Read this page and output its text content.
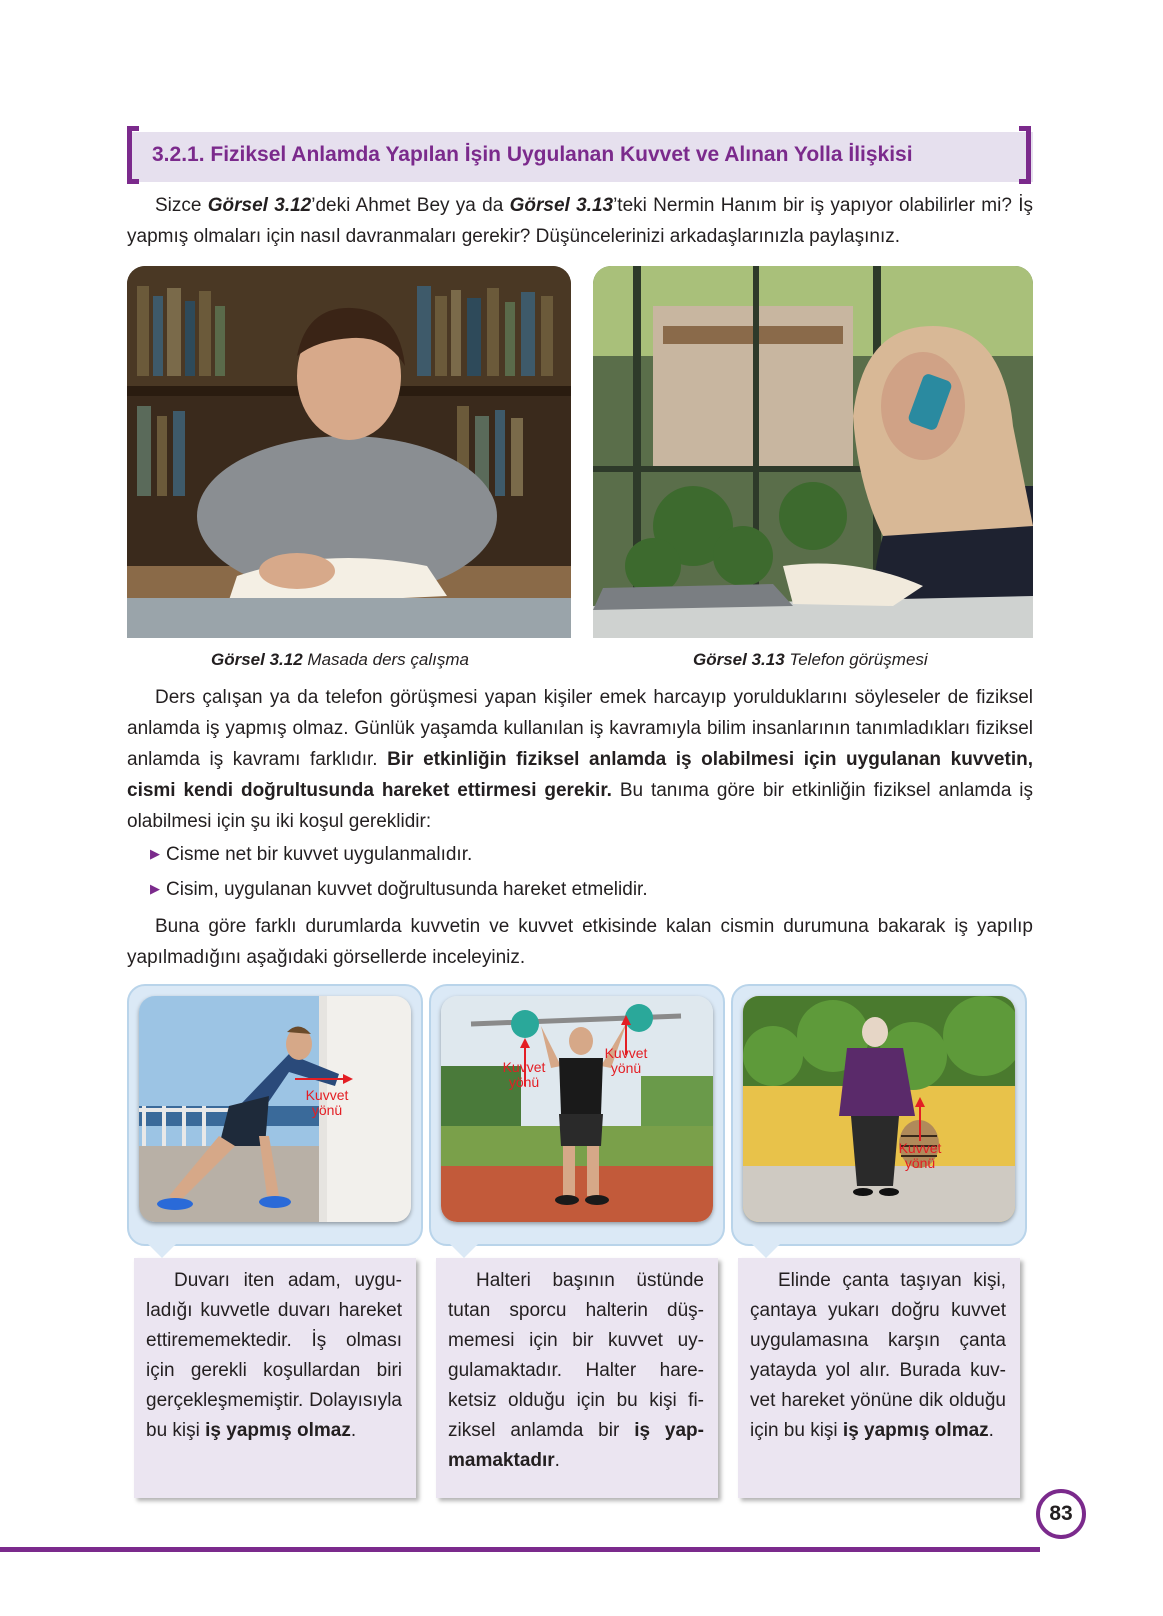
3.2.1. Fiziksel Anlamda Yapılan İşin Uygulanan Kuvvet ve Alınan Yolla İlişkisi

Sizce Görsel 3.12’deki Ahmet Bey ya da Görsel 3.13’teki Nermin Hanım bir iş yapıyor olabilirler mi? İş yapmış olmaları için nasıl davranmaları gerekir? Düşüncelerinizi arkadaşlarınızla paylaşınız.

Görsel 3.12 Masada ders çalışma	Görsel 3.13 Telefon görüşmesi

Ders çalışan ya da telefon görüşmesi yapan kişiler emek harcayıp yorulduklarını söyleseler de fiziksel anlamda iş yapmış olmaz. Günlük yaşamda kullanılan iş kavramıyla bilim insanlarının tanımladıkları fiziksel anlamda iş kavramı farklıdır. Bir etkinliğin fiziksel anlamda iş olabilmesi için uygulanan kuvvetin, cismi kendi doğrultusunda hareket ettirmesi gerekir. Bu tanıma göre bir etkinliğin fiziksel anlamda iş olabilmesi için şu iki koşul gereklidir:

▶ Cisme net bir kuvvet uygulanmalıdır.
▶ Cisim, uygulanan kuvvet doğrultusunda hareket etmelidir.

Buna göre farklı durumlarda kuvvetin ve kuvvet etkisinde kalan cismin durumuna bakarak iş yapılıp yapılmadığını aşağıdaki görsellerde inceleyiniz.

Kuvvet
yönü
Duvarı iten adam, uyguladığı kuvvetle duvarı hareket ettirememektedir. İş olması için gerekli koşullardan biri gerçekleşmemiştir. Dolayısıyla bu kişi iş yapmış olmaz.
Kuvvet
yönü
Kuvvet
yönü
Halteri başının üstünde tutan sporcu halterin düşmemesi için bir kuvvet uygulamaktadır. Halter hareketsiz olduğu için bu kişi fiziksel anlamda bir iş yapmamaktadır.
Kuvvet
yönü
Elinde çanta taşıyan kişi, çantaya yukarı doğru kuvvet uygulamasına karşın çanta yatayda yol alır. Burada kuvvet hareket yönüne dik olduğu için bu kişi iş yapmış olmaz.
83
